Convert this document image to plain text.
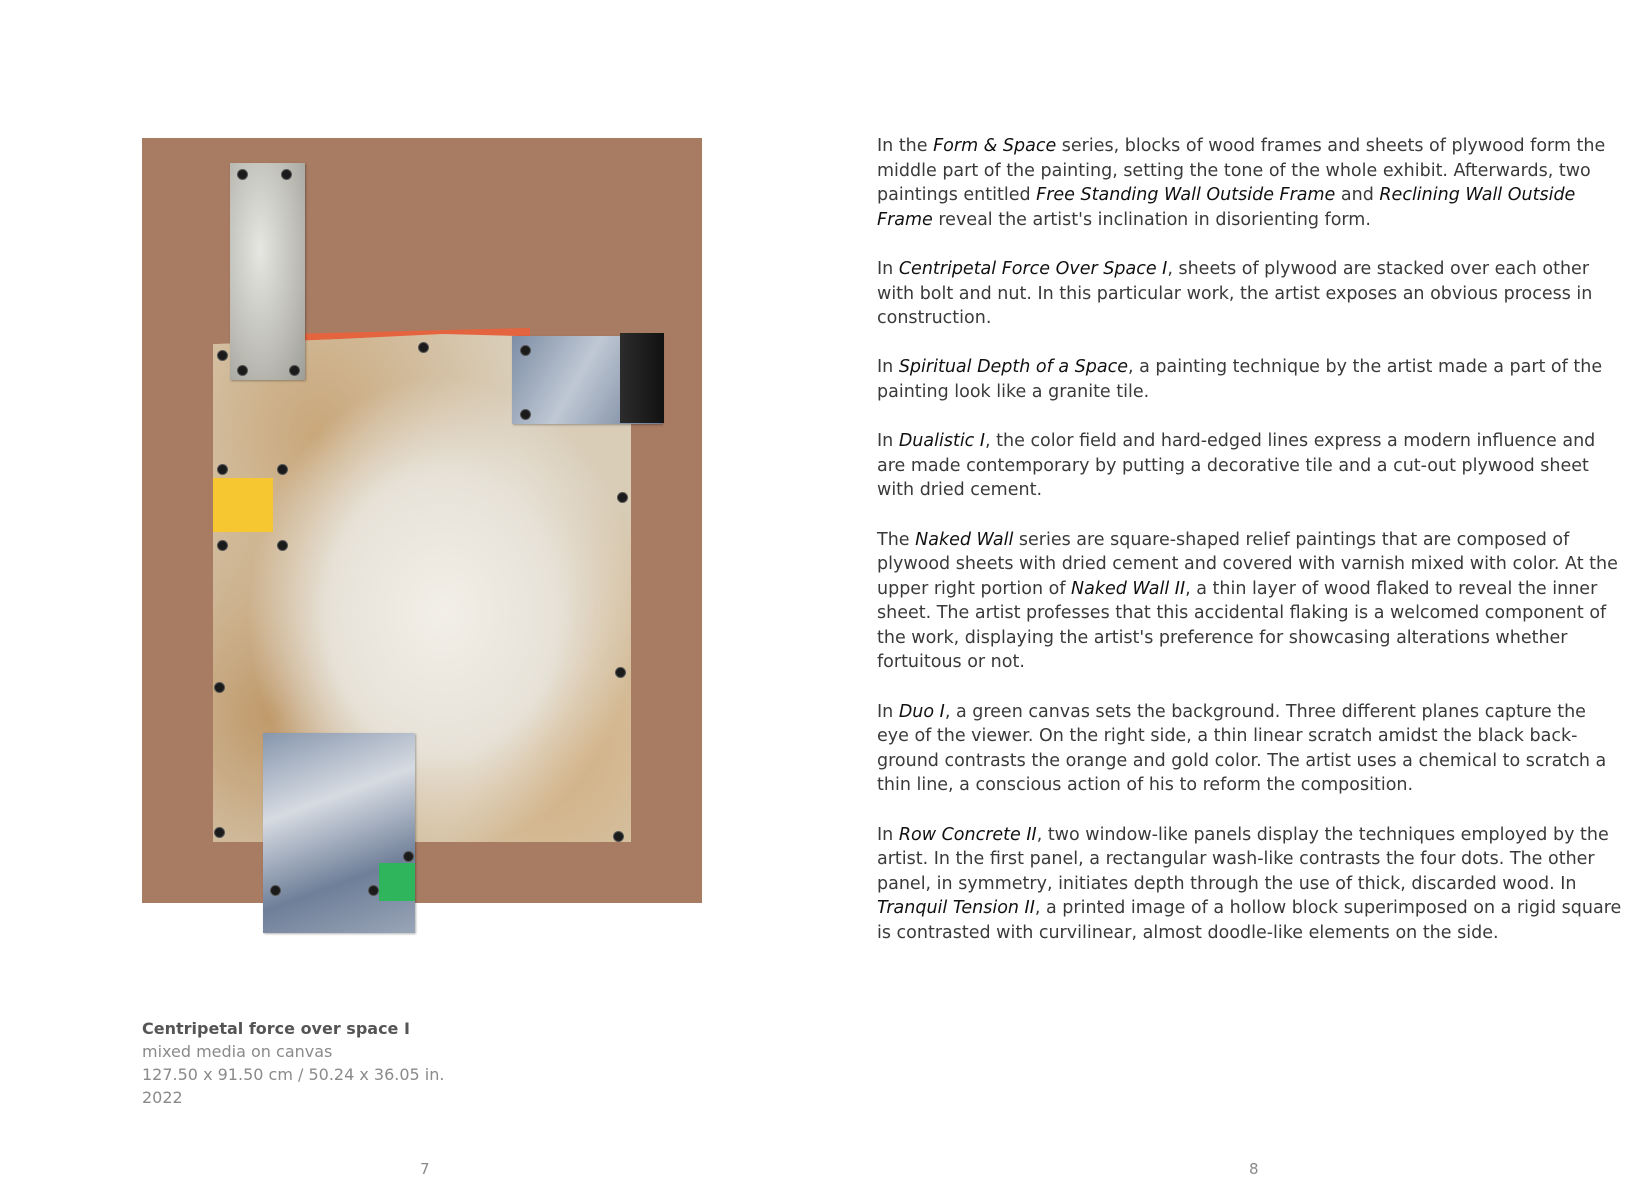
Centripetal force over space I
mixed media on canvas
127.50 x 91.50 cm / 50.24 x 36.05 in.
2022
7

In the Form & Space series, blocks of wood frames and sheets of plywood form the middle part of the painting, setting the tone of the whole exhibit. Afterwards, two paintings entitled Free Standing Wall Outside Frame and Reclining Wall Outside Frame reveal the artist's inclination in disorienting form.

In Centripetal Force Over Space I, sheets of plywood are stacked over each other with bolt and nut. In this particular work, the artist exposes an obvious process in construction.

In Spiritual Depth of a Space, a painting technique by the artist made a part of the painting look like a granite tile.

In Dualistic I, the color field and hard-edged lines express a modern influence and are made contemporary by putting a decorative tile and a cut-out plywood sheet with dried cement.

The Naked Wall series are square-shaped relief paintings that are composed of plywood sheets with dried cement and covered with varnish mixed with color. At the upper right portion of Naked Wall II, a thin layer of wood flaked to reveal the inner sheet. The artist professes that this accidental flaking is a welcomed component of the work, displaying the artist's preference for showcasing alterations whether fortuitous or not.

In Duo I, a green canvas sets the background. Three different planes capture the eye of the viewer. On the right side, a thin linear scratch amidst the black back-ground contrasts the orange and gold color. The artist uses a chemical to scratch a thin line, a conscious action of his to reform the composition.

In Row Concrete II, two window-like panels display the techniques employed by the artist. In the first panel, a rectangular wash-like contrasts the four dots. The other panel, in symmetry, initiates depth through the use of thick, discarded wood. In Tranquil Tension II, a printed image of a hollow block superimposed on a rigid square is contrasted with curvilinear, almost doodle-like elements on the side.

8
